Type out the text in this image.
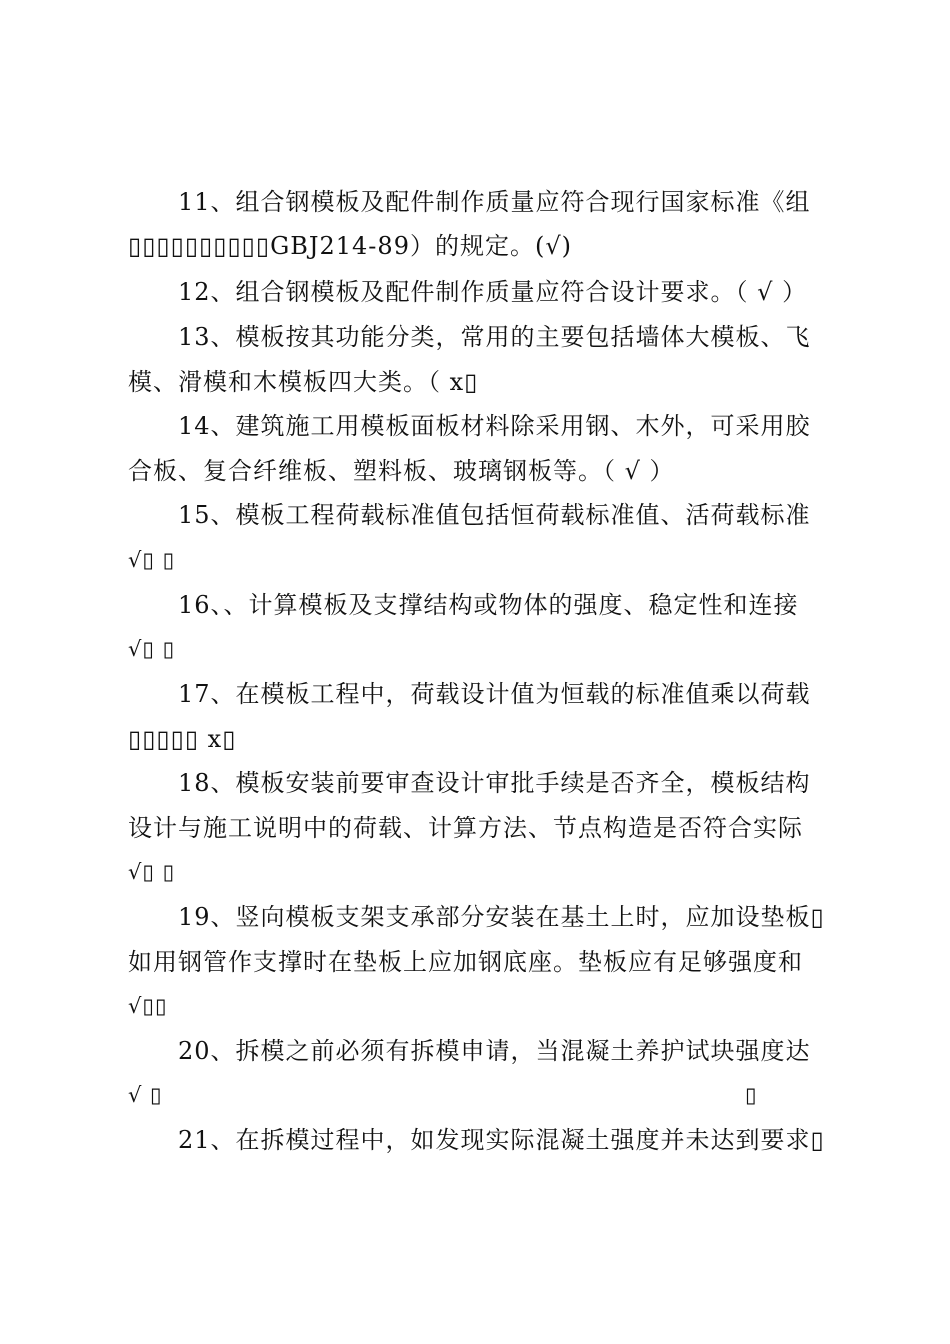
11、组合钢模板及配件制作质量应符合现行国家标准《组
▯▯▯▯▯▯▯▯▯▯GBJ214-89）的规定。(√)
12、组合钢模板及配件制作质量应符合设计要求。（ √ ）
13、模板按其功能分类，常用的主要包括墙体大模板、飞
模、滑模和木模板四大类。（ x▯
14、建筑施工用模板面板材料除采用钢、木外，可采用胶
合板、复合纤维板、塑料板、玻璃钢板等。（ √ ）
15、模板工程荷载标准值包括恒荷载标准值、活荷载标准
√▯ ▯
16、、计算模板及支撑结构或物体的强度、稳定性和连接
√▯ ▯
17、在模板工程中，荷载设计值为恒载的标准值乘以荷载
▯▯▯▯▯ x▯
18、模板安装前要审查设计审批手续是否齐全，模板结构
设计与施工说明中的荷载、计算方法、节点构造是否符合实际
√▯ ▯
19、竖向模板支架支承部分安装在基土上时，应加设垫板▯
如用钢管作支撑时在垫板上应加钢底座。垫板应有足够强度和
√▯▯
20、拆模之前必须有拆模申请，当混凝土养护试块强度达
√ ▯	▯
21、在拆模过程中，如发现实际混凝土强度并未达到要求▯
